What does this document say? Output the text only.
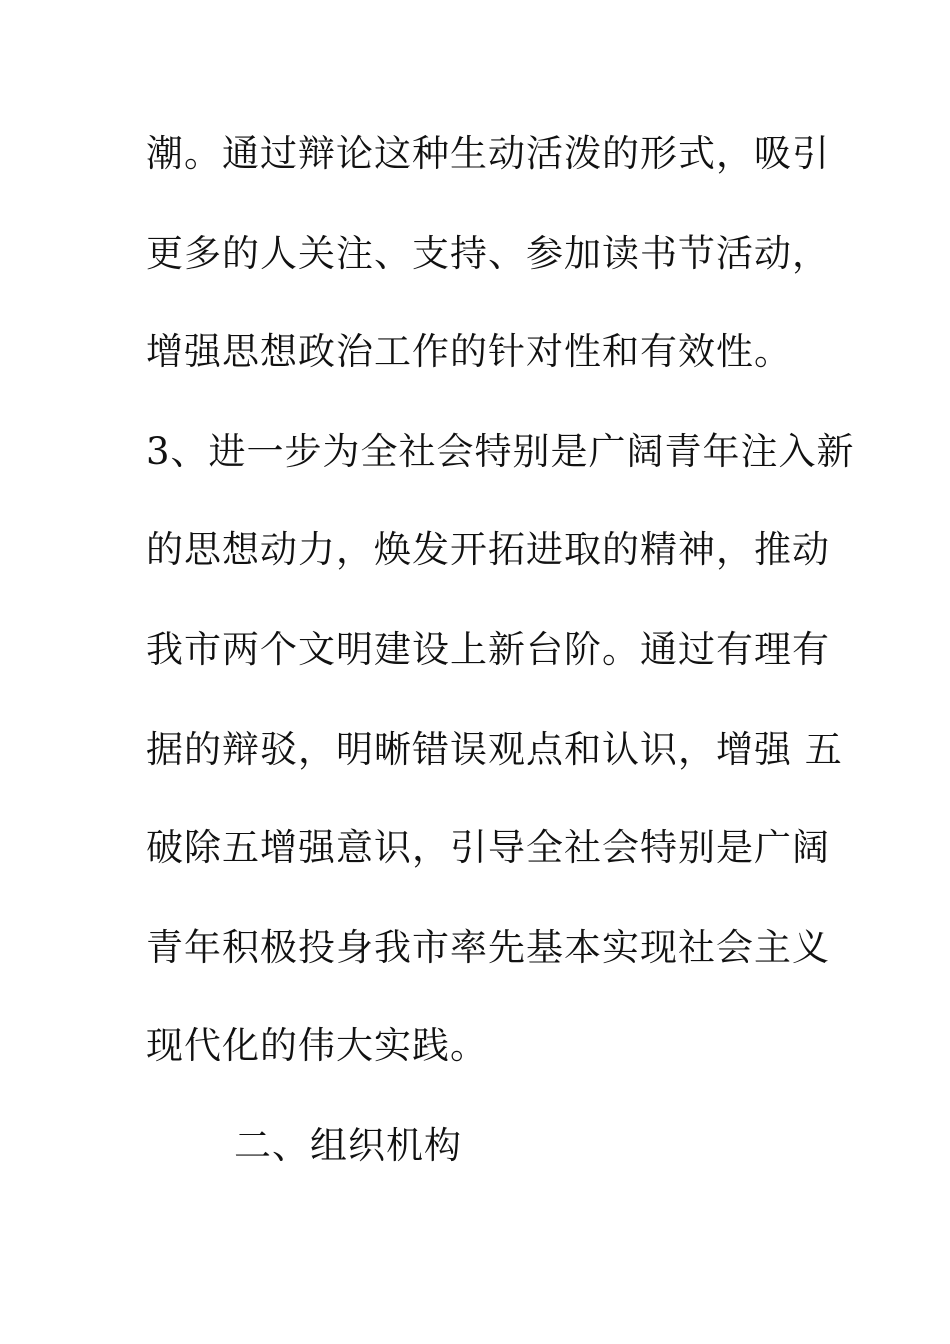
潮。通过辩论这种生动活泼的形式，吸引
更多的人关注、支持、参加读书节活动，
增强思想政治工作的针对性和有效性。
3、进一步为全社会特别是广阔青年注入新
的思想动力，焕发开拓进取的精神，推动
我市两个文明建设上新台阶。通过有理有
据的辩驳，明晰错误观点和认识，增强 五
破除五增强意识，引导全社会特别是广阔
青年积极投身我市率先基本实现社会主义
现代化的伟大实践。
二、组织机构
